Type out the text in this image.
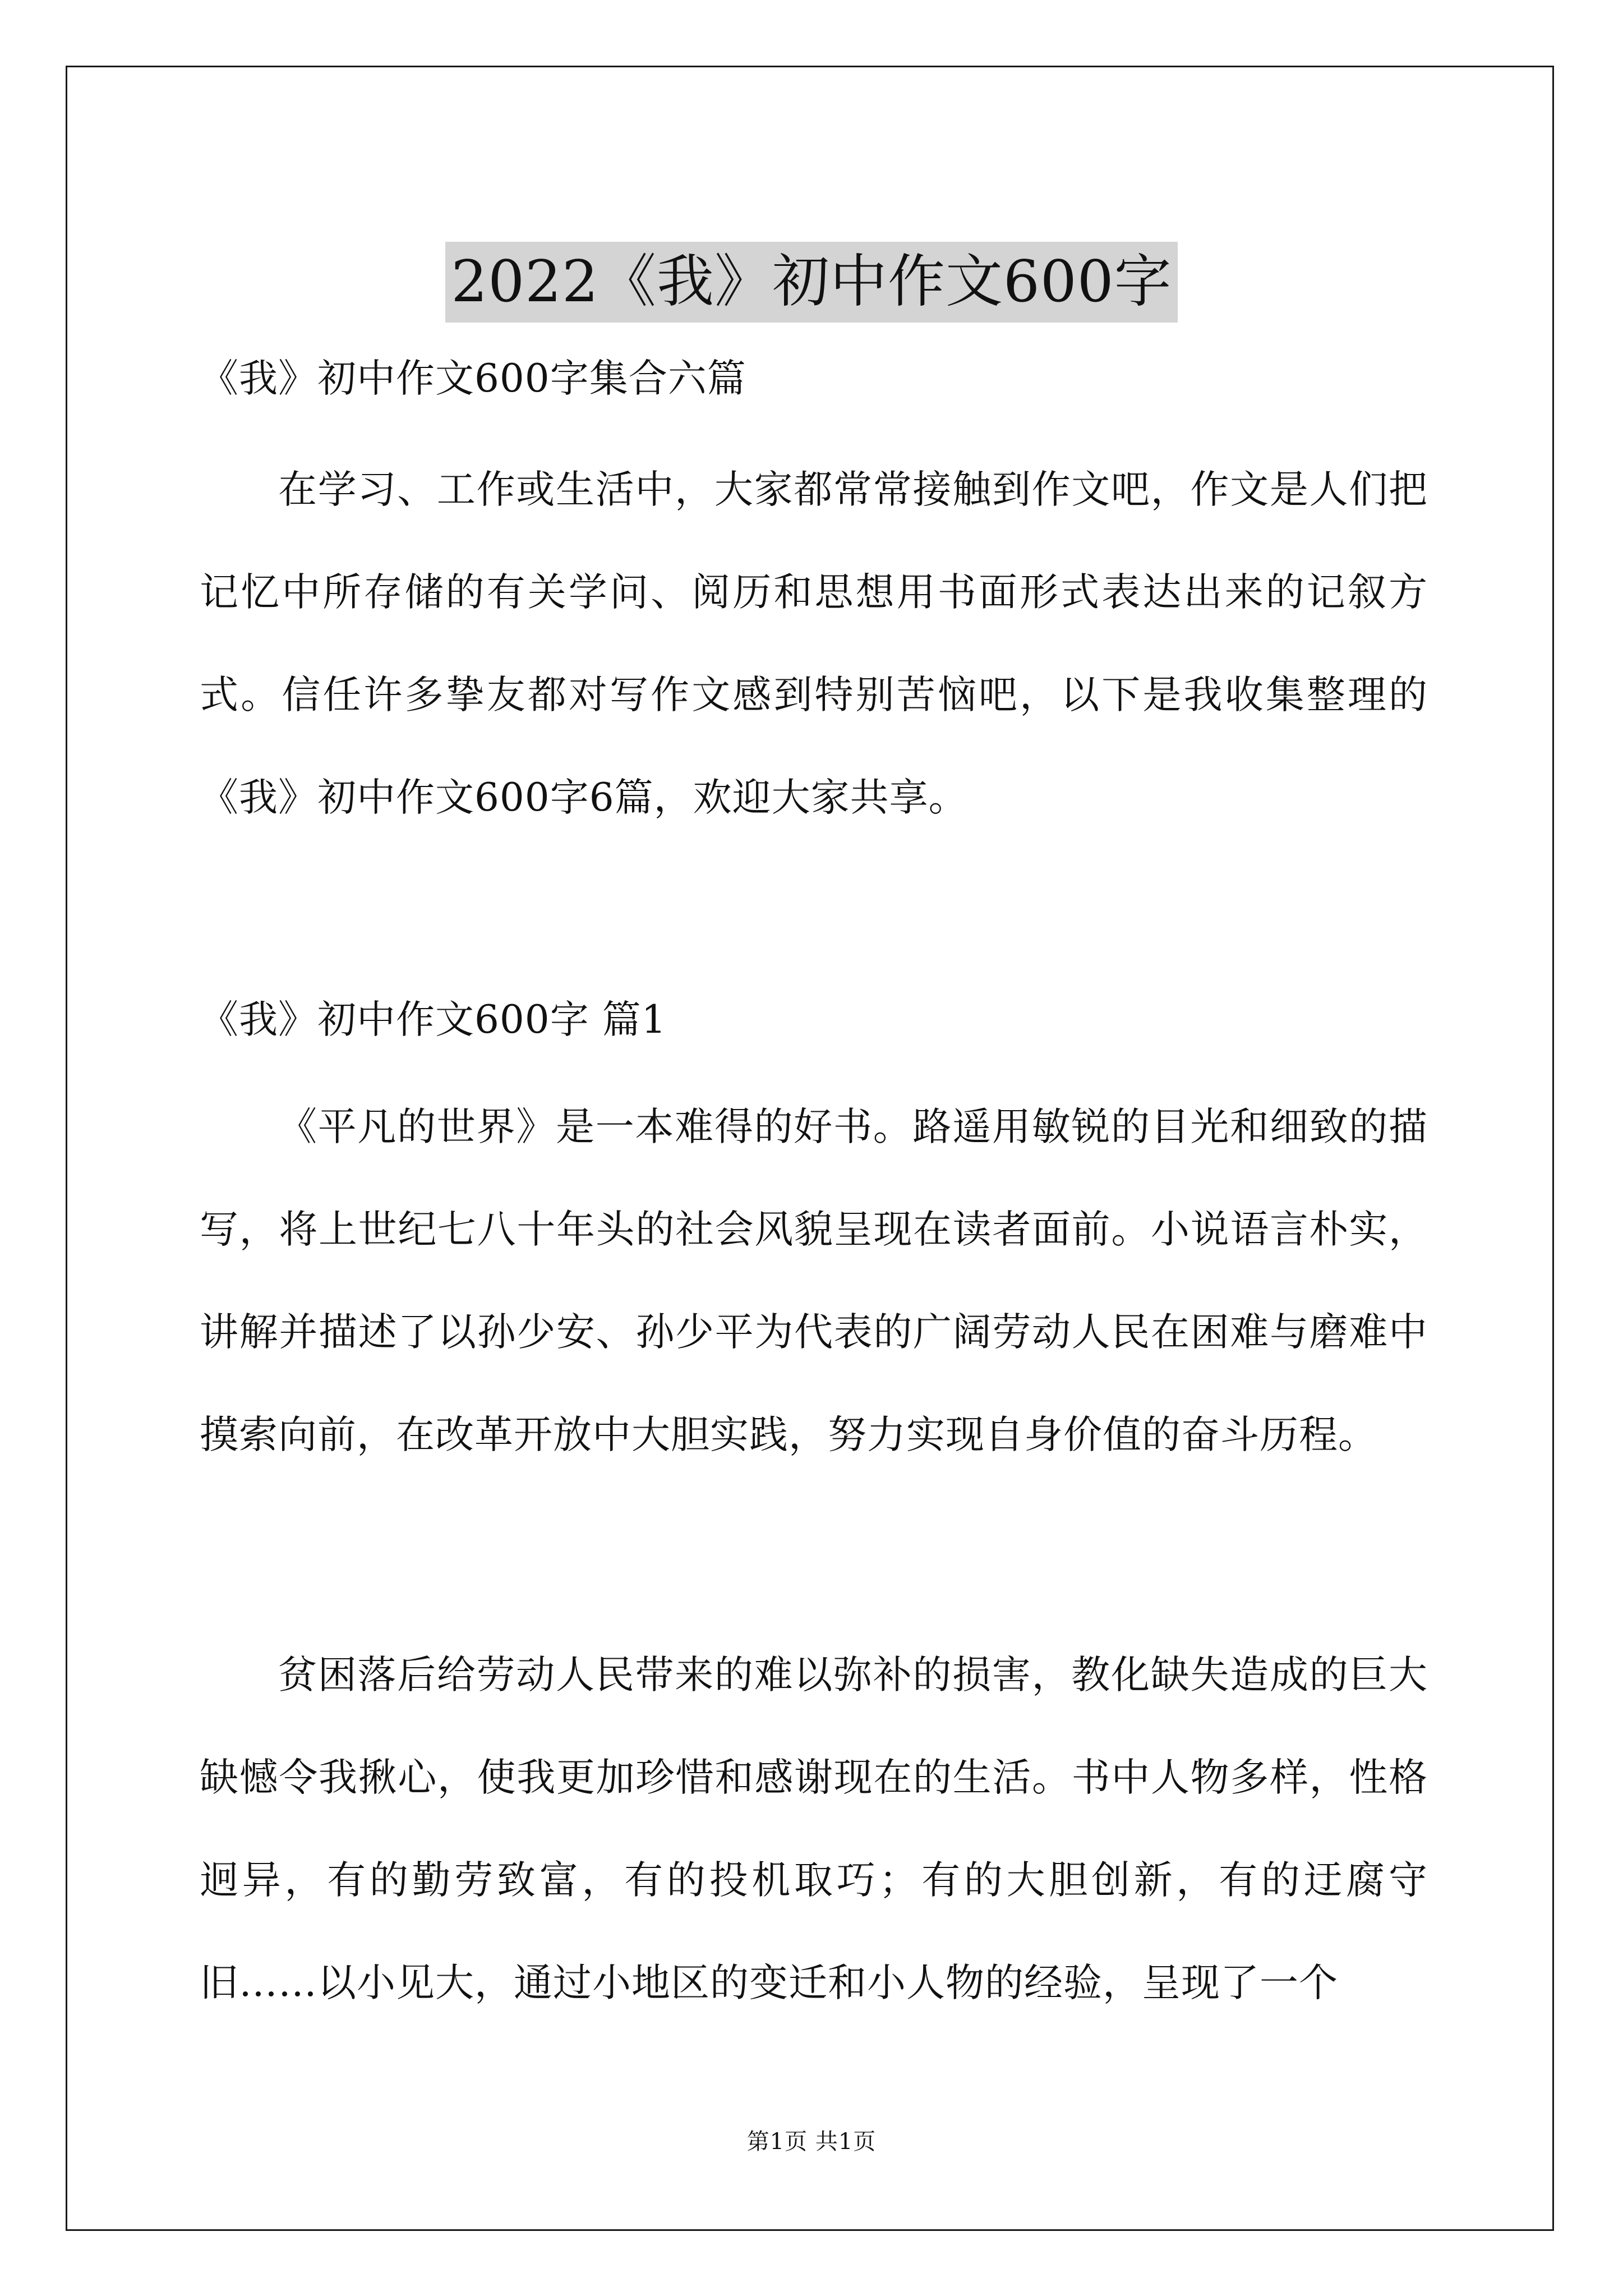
2022《我》初中作文600字

《我》初中作文600字集合六篇

在学习、工作或生活中，大家都常常接触到作文吧，作文是人们把记忆中所存储的有关学问、阅历和思想用书面形式表达出来的记叙方式。信任许多挚友都对写作文感到特别苦恼吧，以下是我收集整理的《我》初中作文600字6篇，欢迎大家共享。

《我》初中作文600字 篇1

《平凡的世界》是一本难得的好书。路遥用敏锐的目光和细致的描写，将上世纪七八十年头的社会风貌呈现在读者面前。小说语言朴实，讲解并描述了以孙少安、孙少平为代表的广阔劳动人民在困难与磨难中摸索向前，在改革开放中大胆实践，努力实现自身价值的奋斗历程。

贫困落后给劳动人民带来的难以弥补的损害，教化缺失造成的巨大缺憾令我揪心，使我更加珍惜和感谢现在的生活。书中人物多样，性格迥异，有的勤劳致富，有的投机取巧；有的大胆创新，有的迂腐守旧……以小见大，通过小地区的变迁和小人物的经验，呈现了一个

第1页 共1页
